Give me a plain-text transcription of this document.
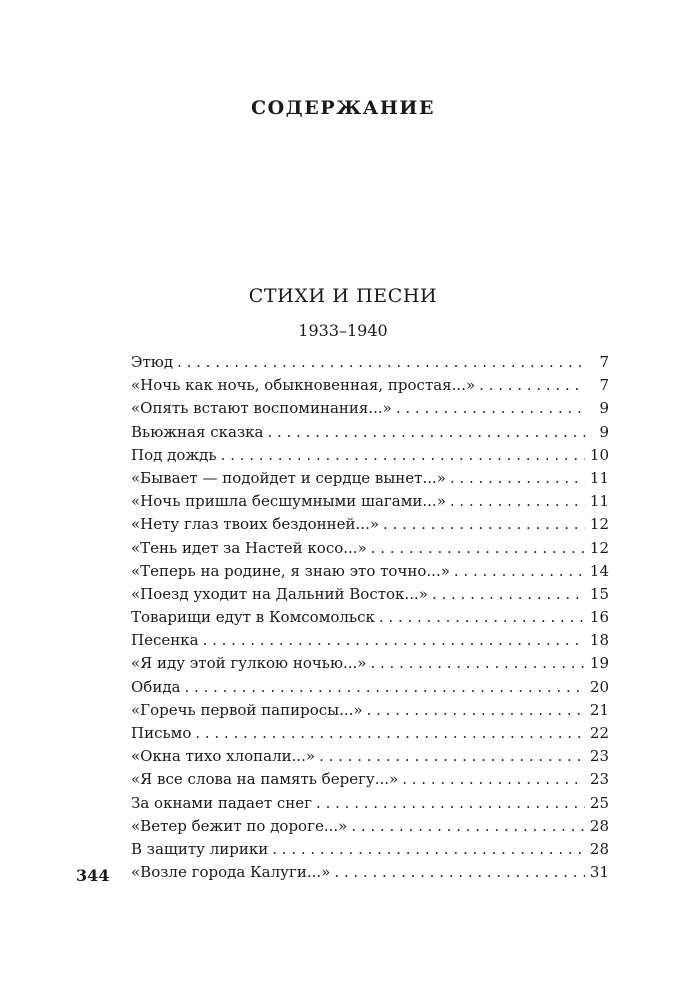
СОДЕРЖАНИЕ
СТИХИ И ПЕСНИ
1933–1940
Этюд . . .	7
«Ночь как ночь, обыкновенная, простая...» . . .	7
«Опять встают воспоминания...» . . .	9
Вьюжная сказка . . .	9
Под дождь . . .	10
«Бывает — подойдет и сердце вынет...» . . .	11
«Ночь пришла бесшумными шагами...» . . .	11
«Нету глаз твоих бездонней...» . . .	12
«Тень идет за Настей косо...» . . .	12
«Теперь на родине, я знаю это точно...» . . .	14
«Поезд уходит на Дальний Восток...» . . .	15
Товарищи едут в Комсомольск . . .	16
Песенка . . .	18
«Я иду этой гулкою ночью...» . . .	19
Обида . . .	20
«Горечь первой папиросы...» . . .	21
Письмо . . .	22
«Окна тихо хлопали...» . . .	23
«Я все слова на память берегу...» . . .	23
За окнами падает снег . . .	25
«Ветер бежит по дороге...» . . .	28
В защиту лирики . . .	28
«Возле города Калуги...» . . .	31
344
